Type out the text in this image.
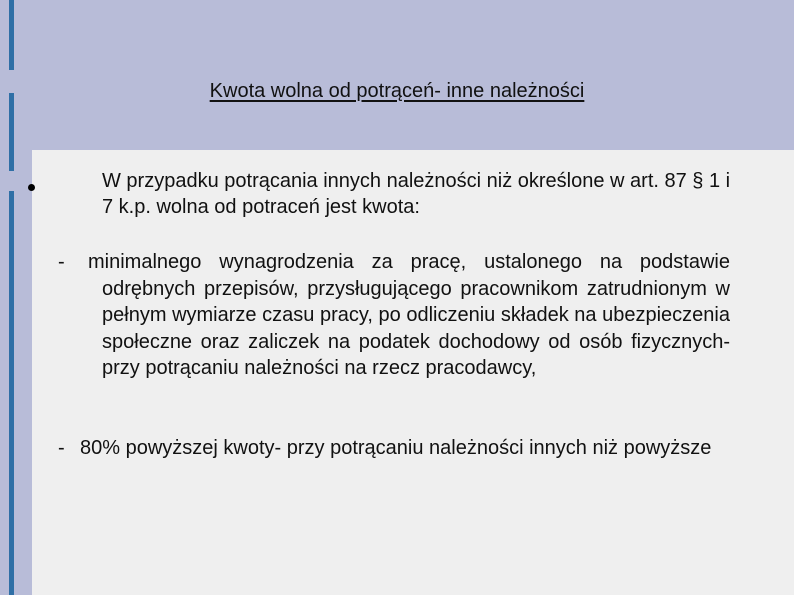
Kwota wolna od potrąceń- inne należności
W przypadku potrącania innych należności niż określone w art. 87 § 1 i 7 k.p. wolna od potraceń jest kwota:
-	minimalnego wynagrodzenia za pracę, ustalonego na podstawie odrębnych przepisów, przysługującego pracownikom zatrudnionym w pełnym wymiarze czasu pracy, po odliczeniu składek na ubezpieczenia społeczne oraz zaliczek na podatek dochodowy od osób fizycznych- przy potrącaniu należności na rzecz pracodawcy,
- 80% powyższej kwoty- przy potrącaniu należności innych niż powyższe
